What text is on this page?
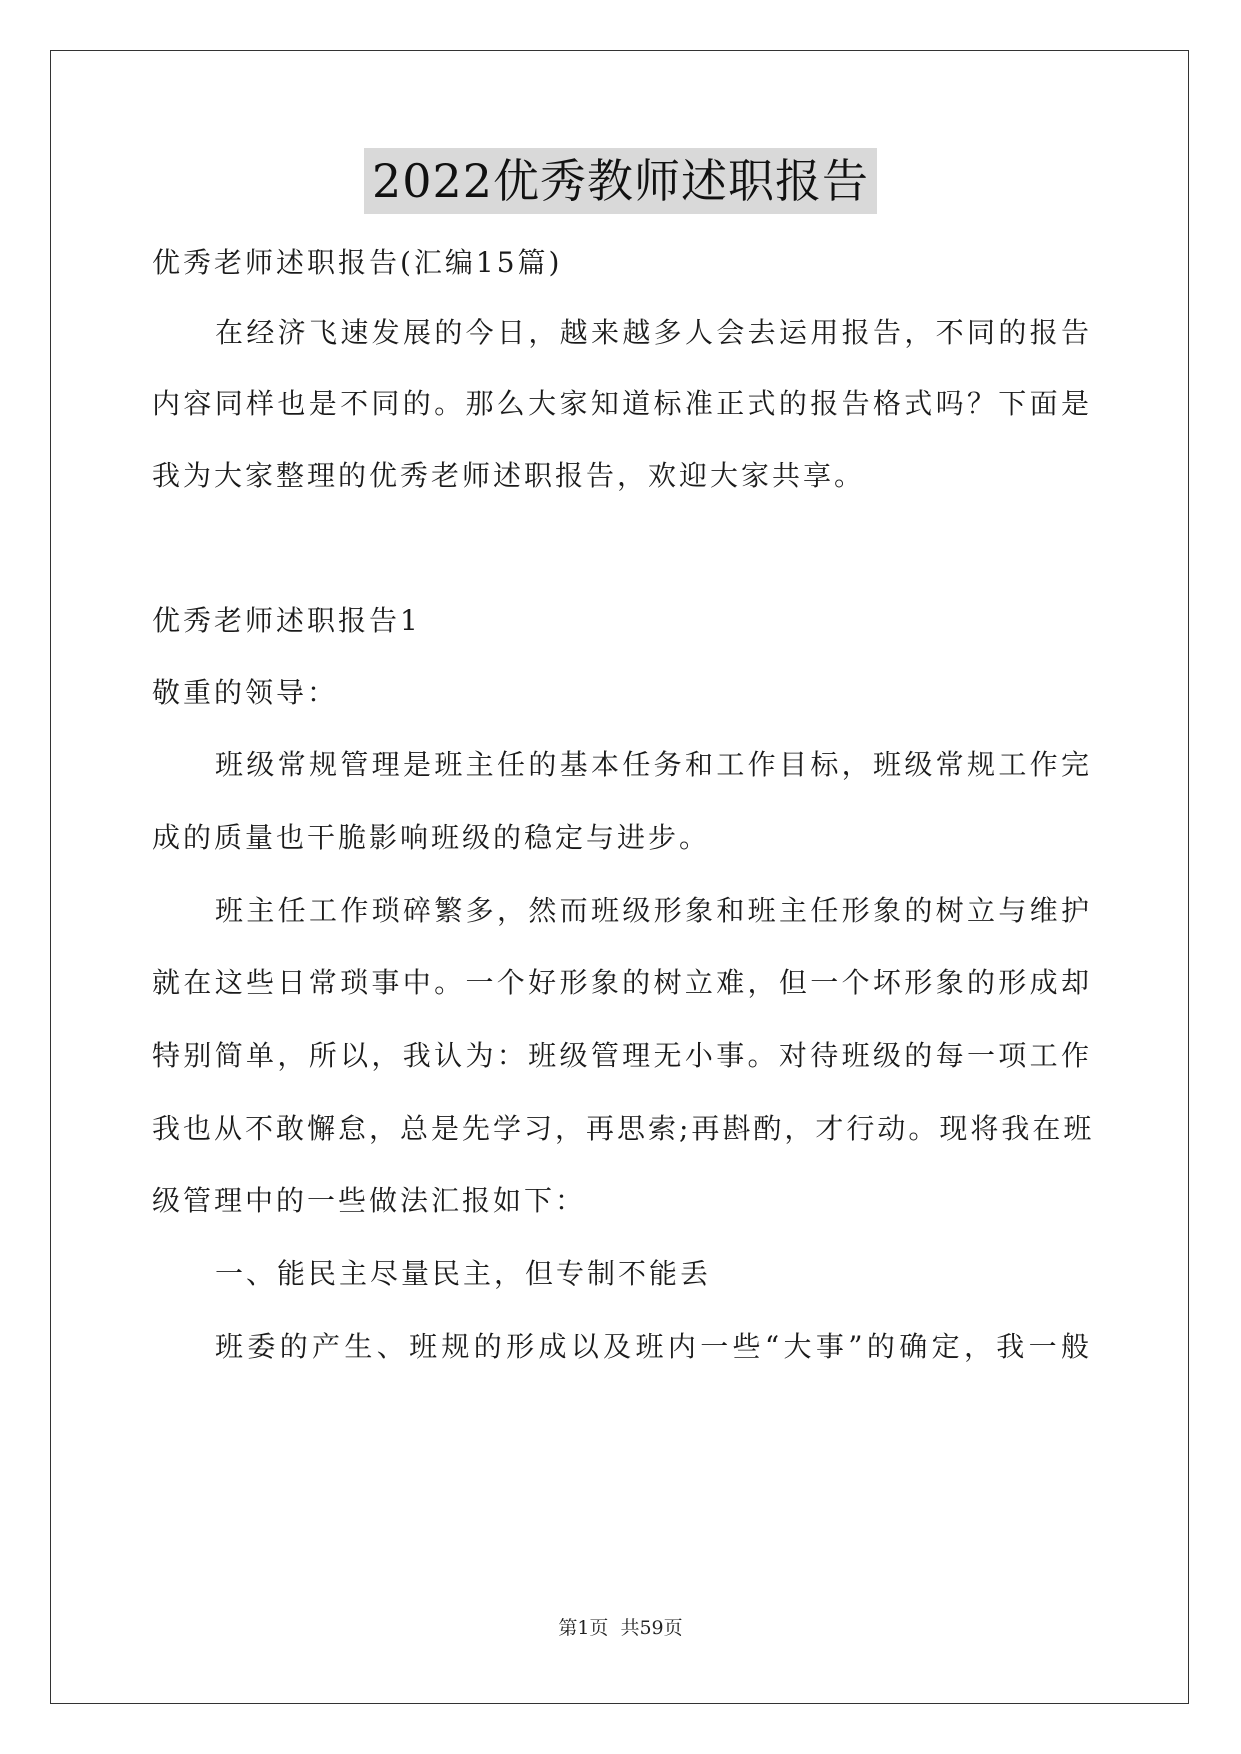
2022优秀教师述职报告
优秀老师述职报告(汇编15篇)
在经济飞速发展的今日，越来越多人会去运用报告，不同的报告
内容同样也是不同的。那么大家知道标准正式的报告格式吗？下面是
我为大家整理的优秀老师述职报告，欢迎大家共享。
优秀老师述职报告1
敬重的领导：
班级常规管理是班主任的基本任务和工作目标，班级常规工作完
成的质量也干脆影响班级的稳定与进步。
班主任工作琐碎繁多，然而班级形象和班主任形象的树立与维护
就在这些日常琐事中。一个好形象的树立难，但一个坏形象的形成却
特别简单，所以，我认为：班级管理无小事。对待班级的每一项工作
我也从不敢懈怠，总是先学习，再思索;再斟酌，才行动。现将我在班
级管理中的一些做法汇报如下：
一、能民主尽量民主，但专制不能丢
班委的产生、班规的形成以及班内一些“大事”的确定，我一般
第1页 共59页
